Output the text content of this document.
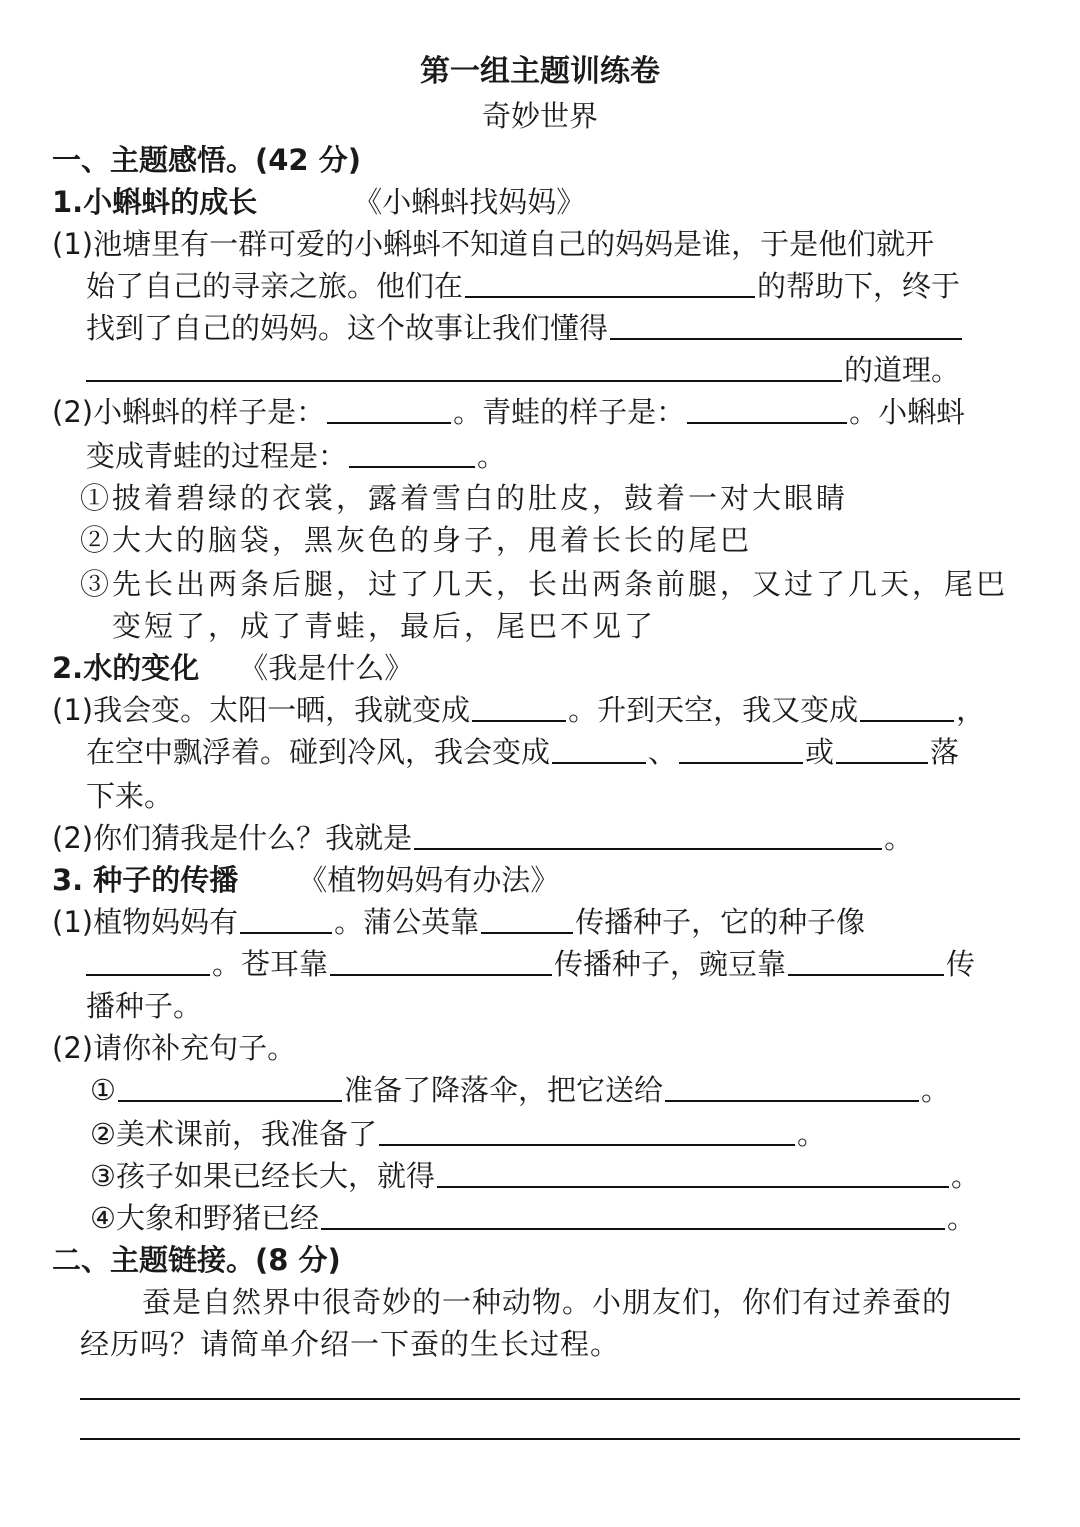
第一组主题训练卷
奇妙世界
一、主题感悟。(42 分)
1.小蝌蚪的成长	《小蝌蚪找妈妈》
(1)池塘里有一群可爱的小蝌蚪不知道自己的妈妈是谁，于是他们就开
始了自己的寻亲之旅。他们在	的帮助下，终于
找到了自己的妈妈。这个故事让我们懂得
的道理。
(2)小蝌蚪的样子是：	。青蛙的样子是：	。小蝌蚪
变成青蛙的过程是：	。
①披着碧绿的衣裳，露着雪白的肚皮，鼓着一对大眼睛
②大大的脑袋，黑灰色的身子，甩着长长的尾巴
③先长出两条后腿，过了几天，长出两条前腿，又过了几天，尾巴
变短了，成了青蛙，最后，尾巴不见了
2.水的变化 《我是什么》
(1)我会变。太阳一晒，我就变成	。升到天空，我又变成	，
在空中飘浮着。碰到冷风，我会变成	、	或	落
下来。
(2)你们猜我是什么？我就是	。
3. 种子的传播 《植物妈妈有办法》
(1)植物妈妈有	。蒲公英靠	传播种子，它的种子像
。苍耳靠	传播种子，豌豆靠	传
播种子。
(2)请你补充句子。
①	准备了降落伞，把它送给	。
②美术课前，我准备了	。
③孩子如果已经长大，就得	。
④大象和野猪已经	。
二、主题链接。(8 分)
蚕是自然界中很奇妙的一种动物。小朋友们，你们有过养蚕的
经历吗？请简单介绍一下蚕的生长过程。
